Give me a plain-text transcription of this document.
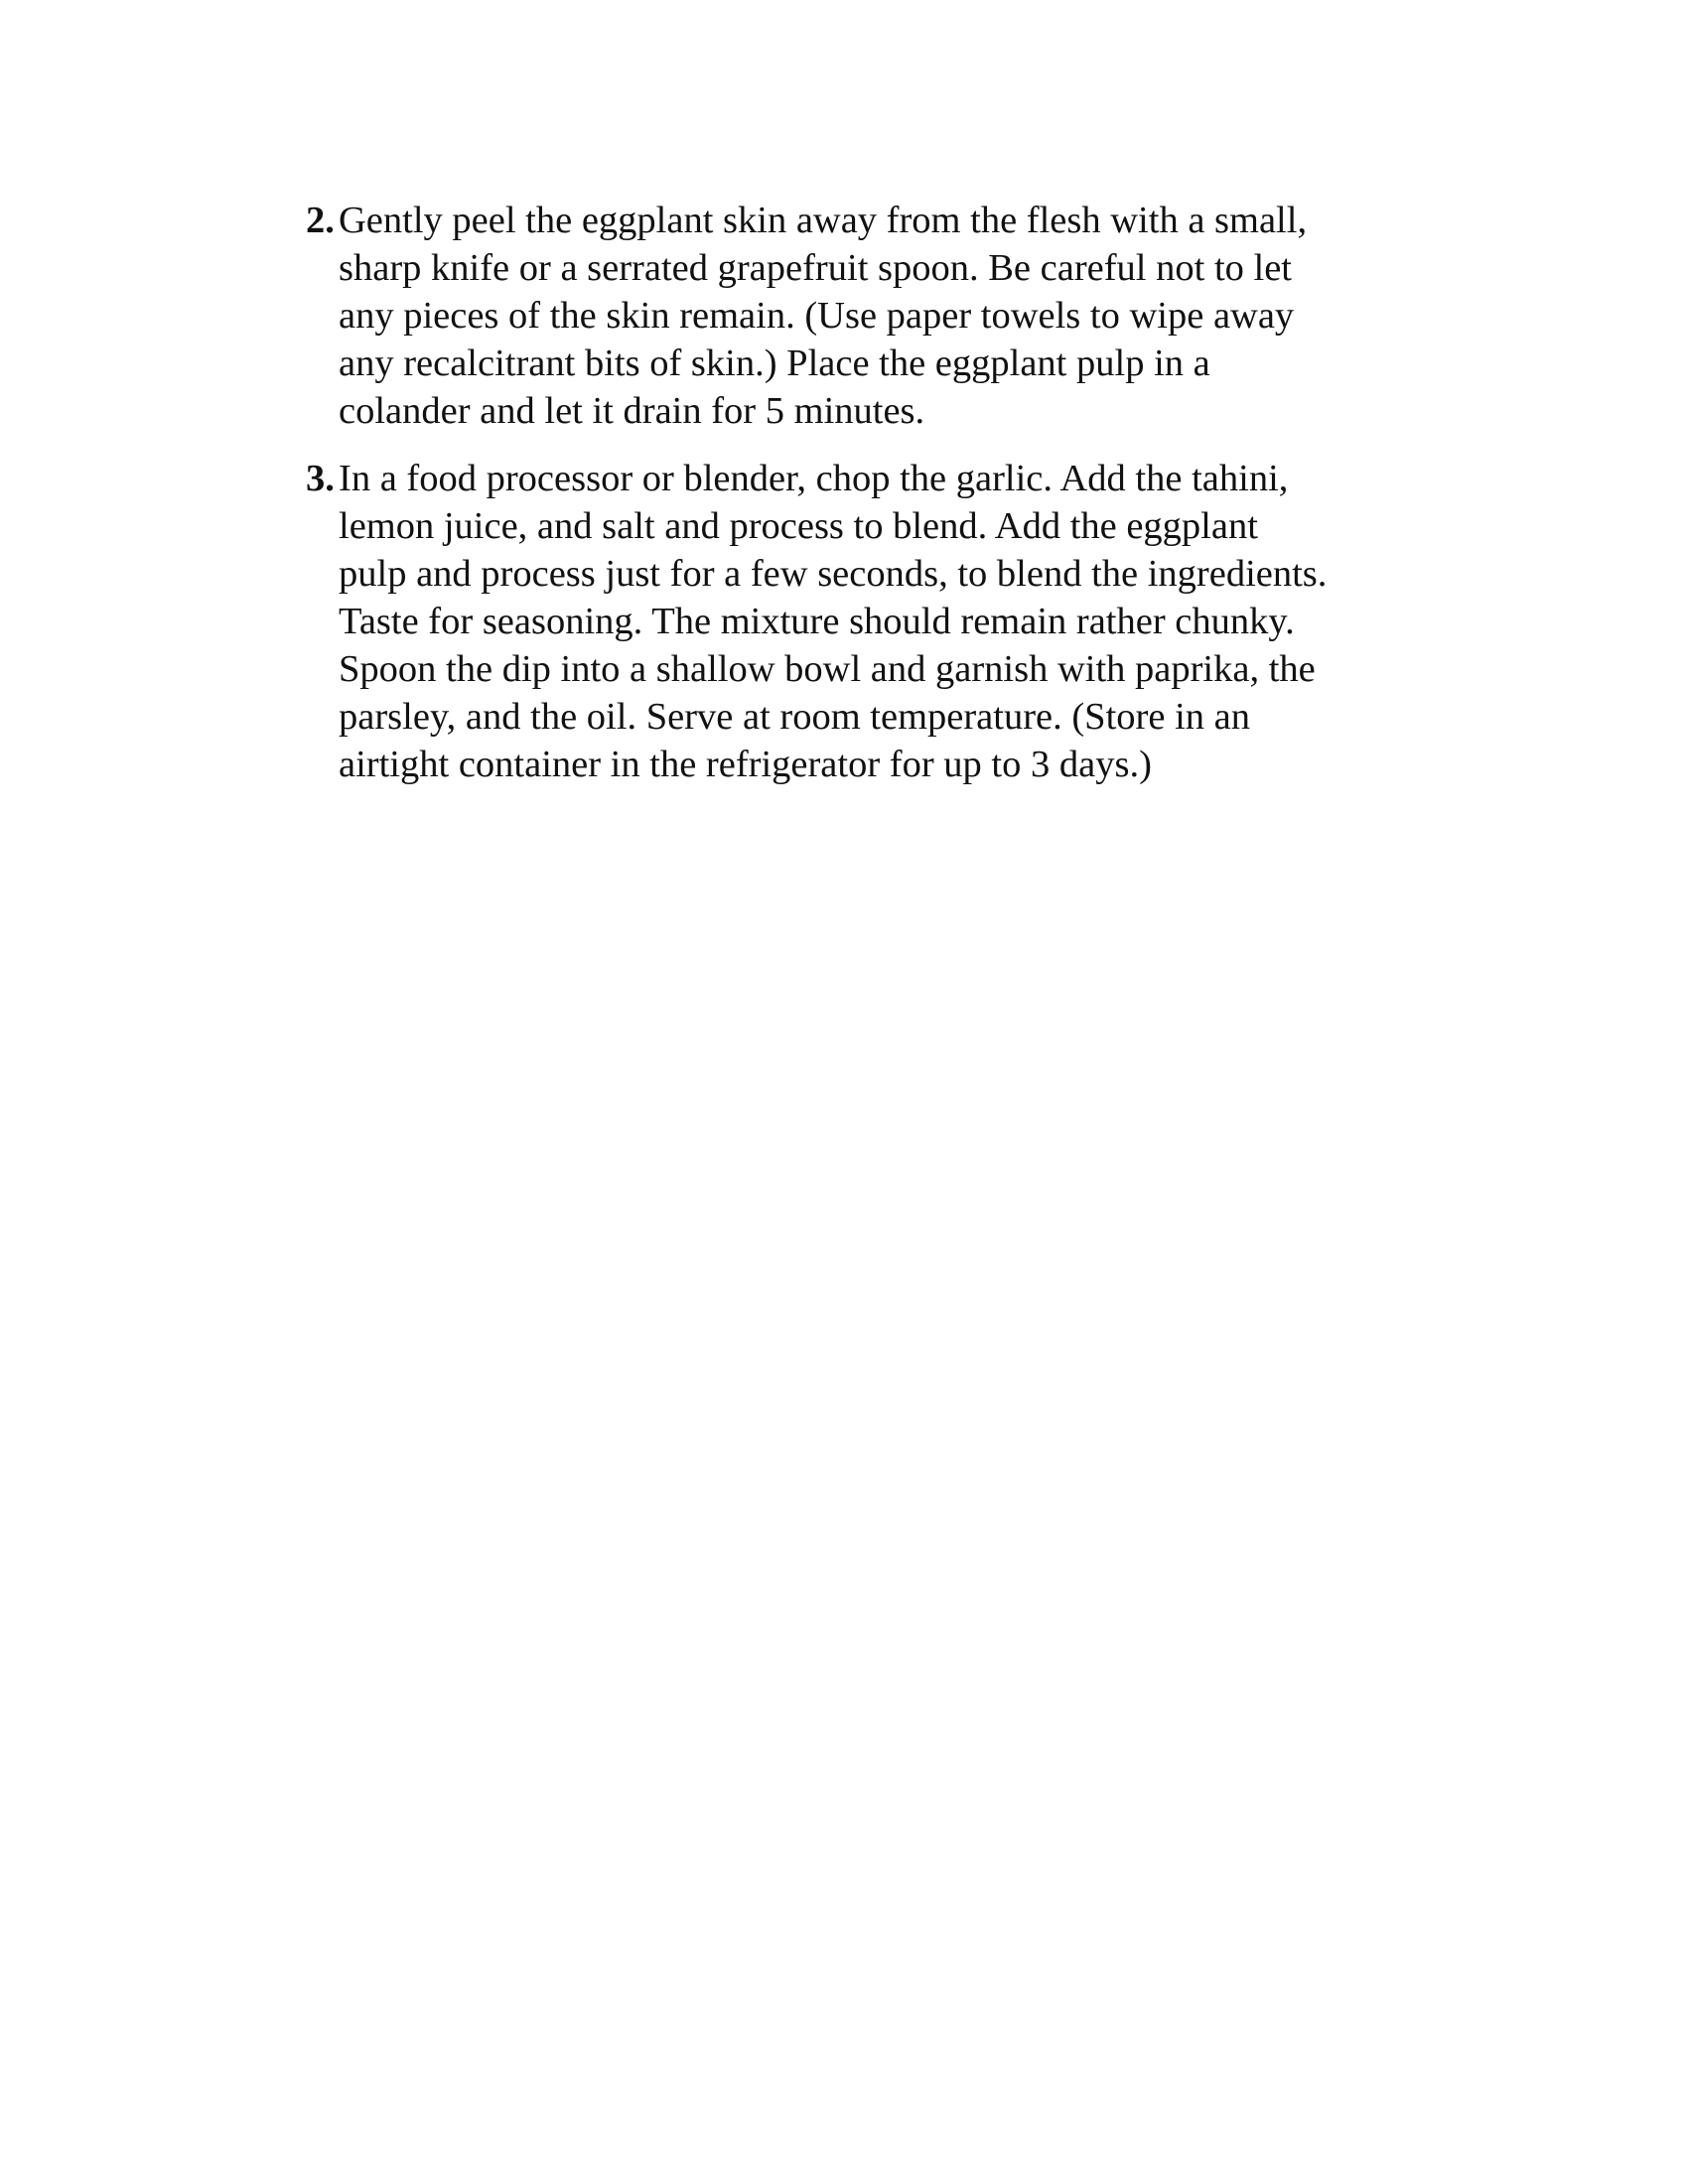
2. Gently peel the eggplant skin away from the flesh with a small,
sharp knife or a serrated grapefruit spoon. Be careful not to let
any pieces of the skin remain. (Use paper towels to wipe away
any recalcitrant bits of skin.) Place the eggplant pulp in a
colander and let it drain for 5 minutes.
3. In a food processor or blender, chop the garlic. Add the tahini,
lemon juice, and salt and process to blend. Add the eggplant
pulp and process just for a few seconds, to blend the ingredients.
Taste for seasoning. The mixture should remain rather chunky.
Spoon the dip into a shallow bowl and garnish with paprika, the
parsley, and the oil. Serve at room temperature. (Store in an
airtight container in the refrigerator for up to 3 days.)
